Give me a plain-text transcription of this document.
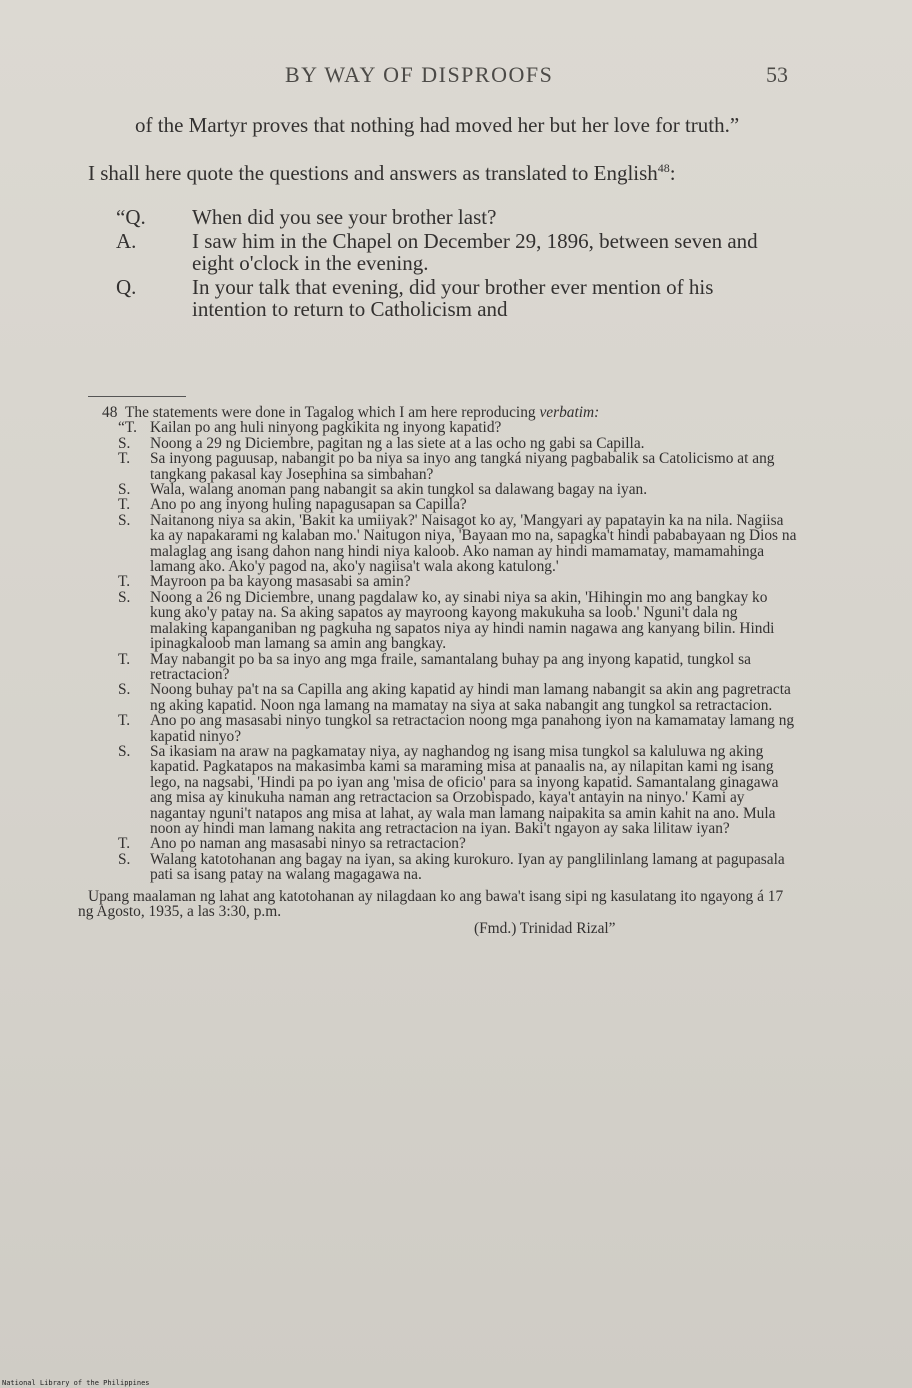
BY WAY OF DISPROOFS	53

of the Martyr proves that nothing had moved her but her love for truth.”

I shall here quote the questions and answers as translated to English$^{48}$:

“Q.	When did you see your brother last?
A.	I saw him in the Chapel on December 29, 1896, between seven and eight o'clock in the evening.
Q.	In your talk that evening, did your brother ever mention of his intention to return to Catholicism and
48 The statements were done in Tagalog which I am here reproducing verbatim:
“T. Kailan po ang huli ninyong pagkikita ng inyong kapatid?
S.	Noong a 29 ng Diciembre, pagitan ng a las siete at a las ocho ng gabi sa Capilla.
T.	Sa inyong paguusap, nabangit po ba niya sa inyo ang tangká niyang pagbabalik sa Catolicismo at ang tangkang pakasal kay Josephina sa simbahan?
S.	Wala, walang anoman pang nabangit sa akin tungkol sa dalawang bagay na iyan.
T.	Ano po ang inyong huling napagusapan sa Capilla?
S.	Naitanong niya sa akin, 'Bakit ka umiiyak?' Naisagot ko ay, 'Mangyari ay papatayin ka na nila. Nagiisa ka ay napakarami ng kalaban mo.' Naitugon niya, 'Bayaan mo na, sapagka't hindi pababayaan ng Dios na malaglag ang isang dahon nang hindi niya kaloob. Ako naman ay hindi mamamatay, mamamahinga lamang ako. Ako'y pagod na, ako'y nagiisa't wala akong katulong.'
T.	Mayroon pa ba kayong masasabi sa amin?
S.	Noong a 26 ng Diciembre, unang pagdalaw ko, ay sinabi niya sa akin, 'Hihingin mo ang bangkay ko kung ako'y patay na. Sa aking sapatos ay mayroong kayong makukuha sa loob.' Nguni't dala ng malaking kapanganiban ng pagkuha ng sapatos niya ay hindi namin nagawa ang kanyang bilin. Hindi ipinagkaloob man lamang sa amin ang bangkay.
T.	May nabangit po ba sa inyo ang mga fraile, samantalang buhay pa ang inyong kapatid, tungkol sa retractacion?
S.	Noong buhay pa't na sa Capilla ang aking kapatid ay hindi man lamang nabangit sa akin ang pagretracta ng aking kapatid. Noon nga lamang na mamatay na siya at saka nabangit ang tungkol sa retractacion.
T.	Ano po ang masasabi ninyo tungkol sa retractacion noong mga panahong iyon na kamamatay lamang ng kapatid ninyo?
S.	Sa ikasiam na araw na pagkamatay niya, ay naghandog ng isang misa tungkol sa kaluluwa ng aking kapatid. Pagkatapos na makasimba kami sa maraming misa at panaalis na, ay nilapitan kami ng isang lego, na nagsabi, 'Hindi pa po iyan ang 'misa de oficio' para sa inyong kapatid. Samantalang ginagawa ang misa ay kinukuha naman ang retractacion sa Orzobispado, kaya't antayin na ninyo.' Kami ay nagantay nguni't natapos ang misa at lahat, ay wala man lamang naipakita sa amin kahit na ano. Mula noon ay hindi man lamang nakita ang retractacion na iyan. Baki't ngayon ay saka lilitaw iyan?
T.	Ano po naman ang masasabi ninyo sa retractacion?
S.	Walang katotohanan ang bagay na iyan, sa aking kurokuro. Iyan ay panglilinlang lamang at pagupasala pati sa isang patay na walang magagawa na.
Upang maalaman ng lahat ang katotohanan ay nilagdaan ko ang bawa't isang sipi ng kasulatang ito ngayong á 17 ng Agosto, 1935, a las 3:30, p.m.
(Fmd.) Trinidad Rizal”
National Library of the Philippines
